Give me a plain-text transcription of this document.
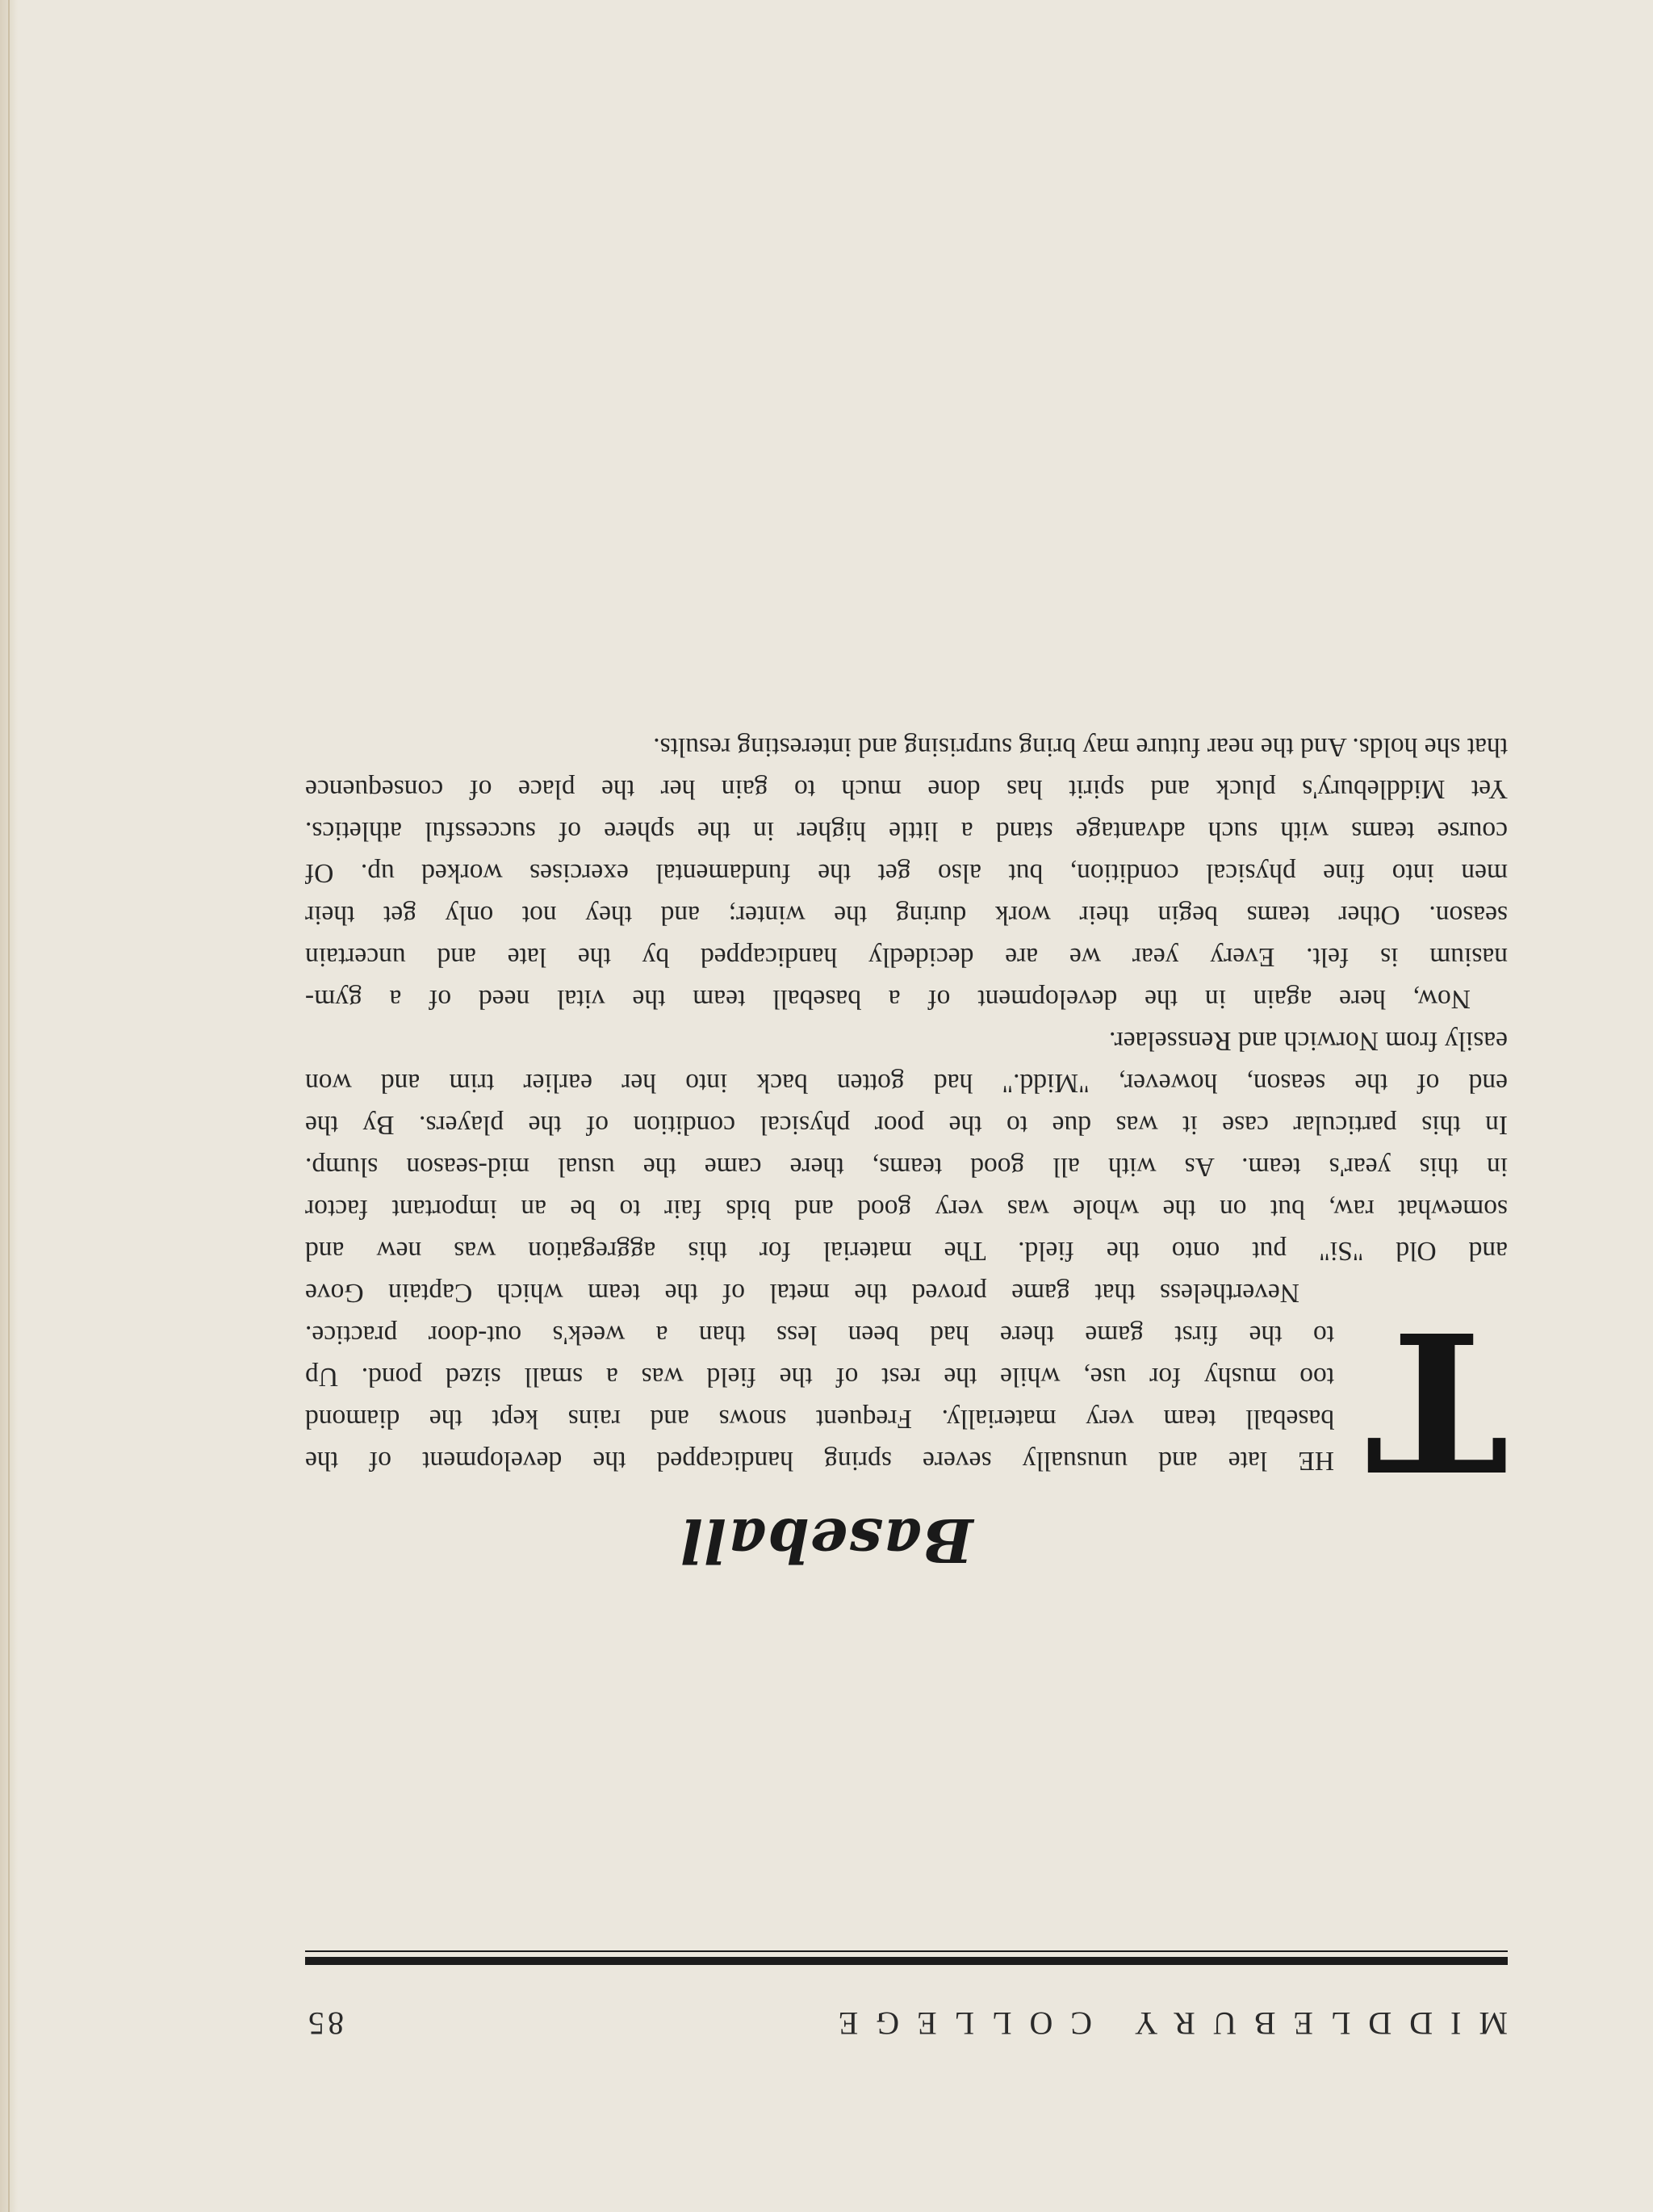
MIDDLEBURY COLLEGE
85
Baseball
T
HE late and unusually severe spring handicapped the development of the
baseball team very materially. Frequent snows and rains kept the diamond
too mushy for use, while the rest of the field was a small sized pond. Up
to the first game there had been less than a week's out-door practice.
Nevertheless that game proved the metal of the team which Captain Gove
and Old "Si" put onto the field. The material for this aggregation was new and
somewhat raw, but on the whole was very good and bids fair to be an important factor
in this year's team. As with all good teams, there came the usual mid-season slump.
In this particular case it was due to the poor physical condition of the players. By the
end of the season, however, "Midd." had gotten back into her earlier trim and won
easily from Norwich and Rensselaer.
Now, here again in the development of a baseball team the vital need of a gym-
nasium is felt. Every year we are decidedly handicapped by the late and uncertain
season. Other teams begin their work during the winter; and they not only get their
men into fine physical condition, but also get the fundamental exercises worked up. Of
course teams with such advantage stand a little higher in the sphere of successful athletics.
Yet Middlebury's pluck and spirit has done much to gain her the place of consequence
that she holds. And the near future may bring surprising and interesting results.
